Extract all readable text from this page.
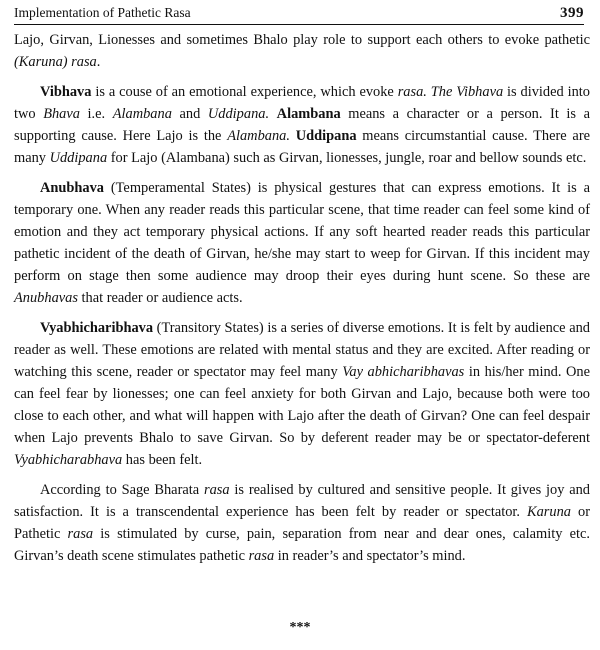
Implementation of Pathetic Rasa	399

Lajo, Girvan, Lionesses and sometimes Bhalo play role to support each others to evoke pathetic (Karuna) rasa.

Vibhava is a couse of an emotional experience, which evoke rasa. The Vibhava is divided into two Bhava i.e. Alambana and Uddipana. Alambana means a character or a person. It is a supporting cause. Here Lajo is the Alambana. Uddipana means circumstantial cause. There are many Uddipana for Lajo (Alambana) such as Girvan, lionesses, jungle, roar and bellow sounds etc.

Anubhava (Temperamental States) is physical gestures that can express emotions. It is a temporary one. When any reader reads this particular scene, that time reader can feel some kind of emotion and they act temporary physical actions. If any soft hearted reader reads this particular pathetic incident of the death of Girvan, he/she may start to weep for Girvan. If this incident may perform on stage then some audience may droop their eyes during hunt scene. So these are Anubhavas that reader or audience acts.

Vyabhicharibhava (Transitory States) is a series of diverse emotions. It is felt by audience and reader as well. These emotions are related with mental status and they are excited. After reading or watching this scene, reader or spectator may feel many Vay abhicharibhavas in his/her mind. One can feel fear by lionesses; one can feel anxiety for both Girvan and Lajo, because both were too close to each other, and what will happen with Lajo after the death of Girvan? One can feel despair when Lajo prevents Bhalo to save Girvan. So by deferent reader may be or spectator-deferent Vyabhicharabhava has been felt.

According to Sage Bharata rasa is realised by cultured and sensitive people. It gives joy and satisfaction. It is a transcendental experience has been felt by reader or spectator. Karuna or Pathetic rasa is stimulated by curse, pain, separation from near and dear ones, calamity etc. Girvan’s death scene stimulates pathetic rasa in reader’s and spectator’s mind.

***
